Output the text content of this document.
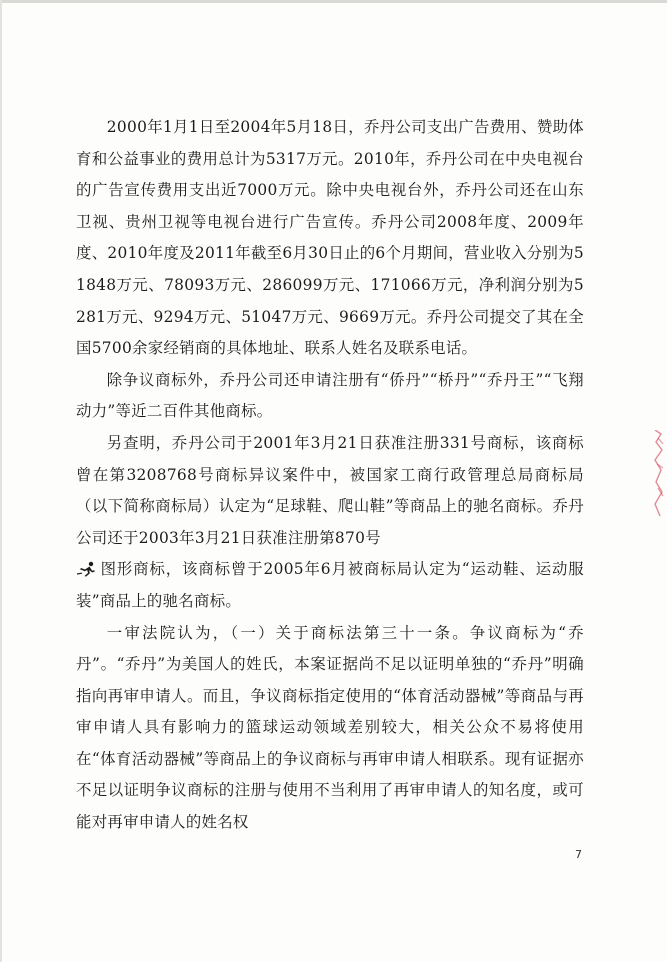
2000年1月1日至2004年5月18日，乔丹公司支出广告费用、赞助体育和公益事业的费用总计为5317万元。2010年，乔丹公司在中央电视台的广告宣传费用支出近7000万元。除中央电视台外，乔丹公司还在山东卫视、贵州卫视等电视台进行广告宣传。乔丹公司2008年度、2009年度、2010年度及2011年截至6月30日止的6个月期间，营业收入分别为51848万元、78093万元、286099万元、171066万元，净利润分别为5281万元、9294万元、51047万元、9669万元。乔丹公司提交了其在全国5700余家经销商的具体地址、联系人姓名及联系电话。

除争议商标外，乔丹公司还申请注册有“侨丹”“桥丹”“乔丹王”“飞翔动力”等近二百件其他商标。

另查明，乔丹公司于2001年3月21日获准注册331号商标，该商标曾在第3208768号商标异议案件中，被国家工商行政管理总局商标局（以下简称商标局）认定为“足球鞋、爬山鞋”等商品上的驰名商标。乔丹公司还于2003年3月21日获准注册第870号

图形商标，该商标曾于2005年6月被商标局认定为“运动鞋、运动服装”商品上的驰名商标。

一审法院认为，（一）关于商标法第三十一条。争议商标为“乔丹”。“乔丹”为美国人的姓氏，本案证据尚不足以证明单独的“乔丹”明确指向再审申请人。而且，争议商标指定使用的“体育活动器械”等商品与再审申请人具有影响力的篮球运动领域差别较大，相关公众不易将使用在“体育活动器械”等商品上的争议商标与再审申请人相联系。现有证据亦不足以证明争议商标的注册与使用不当利用了再审申请人的知名度，或可能对再审申请人的姓名权

7
